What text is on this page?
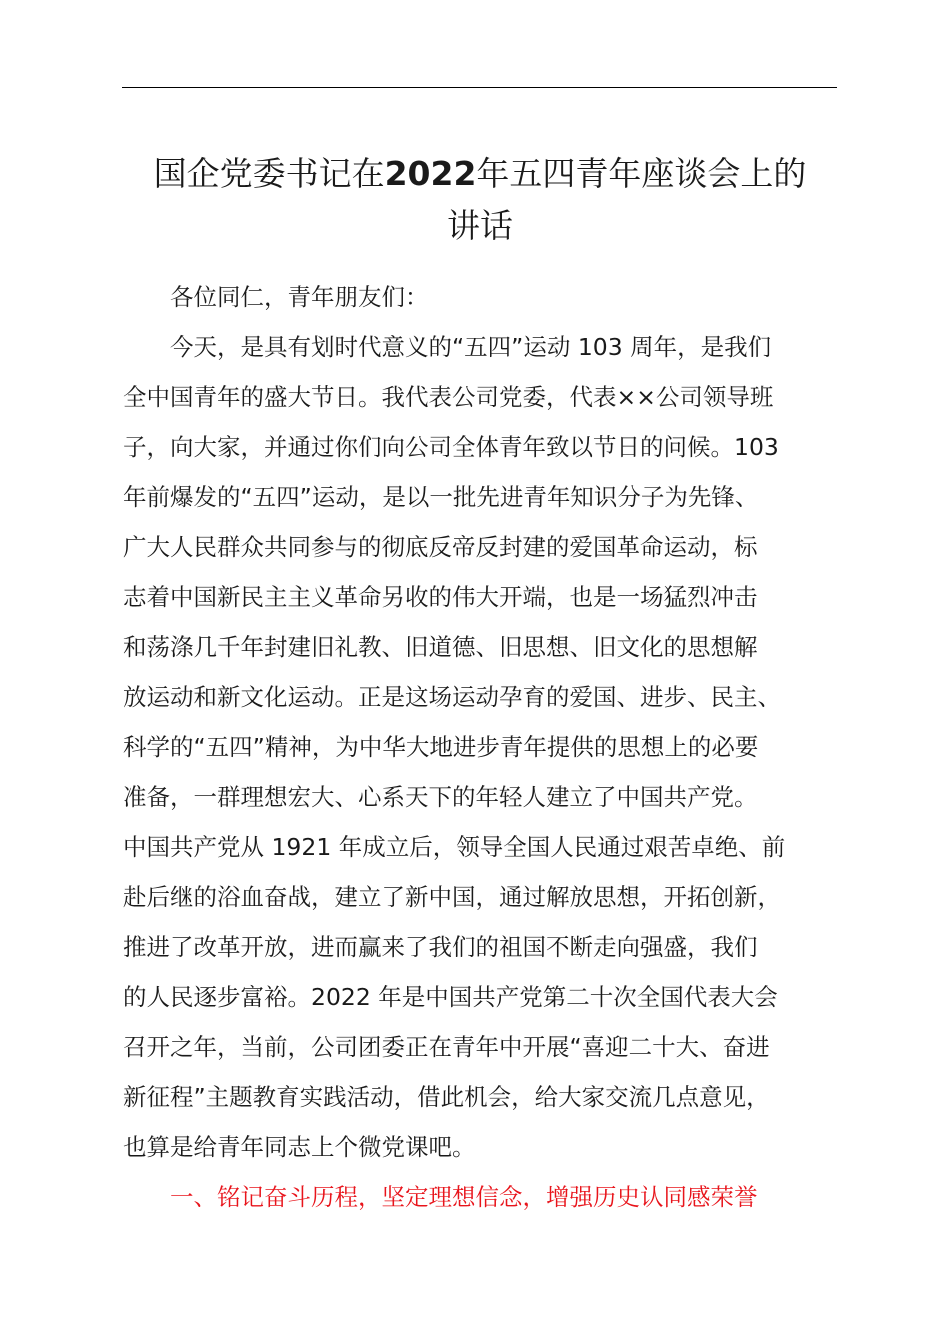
国企党委书记在2022年五四青年座谈会上的
讲话
各位同仁，青年朋友们：
今天，是具有划时代意义的“五四”运动 103 周年，是我们
全中国青年的盛大节日。我代表公司党委，代表××公司领导班
子，向大家，并通过你们向公司全体青年致以节日的问候。103
年前爆发的“五四”运动，是以一批先进青年知识分子为先锋、
广大人民群众共同参与的彻底反帝反封建的爱国革命运动，标
志着中国新民主主义革命另收的伟大开端，也是一场猛烈冲击
和荡涤几千年封建旧礼教、旧道德、旧思想、旧文化的思想解
放运动和新文化运动。正是这场运动孕育的爱国、进步、民主、
科学的“五四”精神，为中华大地进步青年提供的思想上的必要
准备，一群理想宏大、心系天下的年轻人建立了中国共产党。
中国共产党从 1921 年成立后，领导全国人民通过艰苦卓绝、前
赴后继的浴血奋战，建立了新中国，通过解放思想，开拓创新，
推进了改革开放，进而赢来了我们的祖国不断走向强盛，我们
的人民逐步富裕。2022 年是中国共产党第二十次全国代表大会
召开之年，当前，公司团委正在青年中开展“喜迎二十大、奋进
新征程”主题教育实践活动，借此机会，给大家交流几点意见，
也算是给青年同志上个微党课吧。
一、铭记奋斗历程，坚定理想信念，增强历史认同感荣誉
